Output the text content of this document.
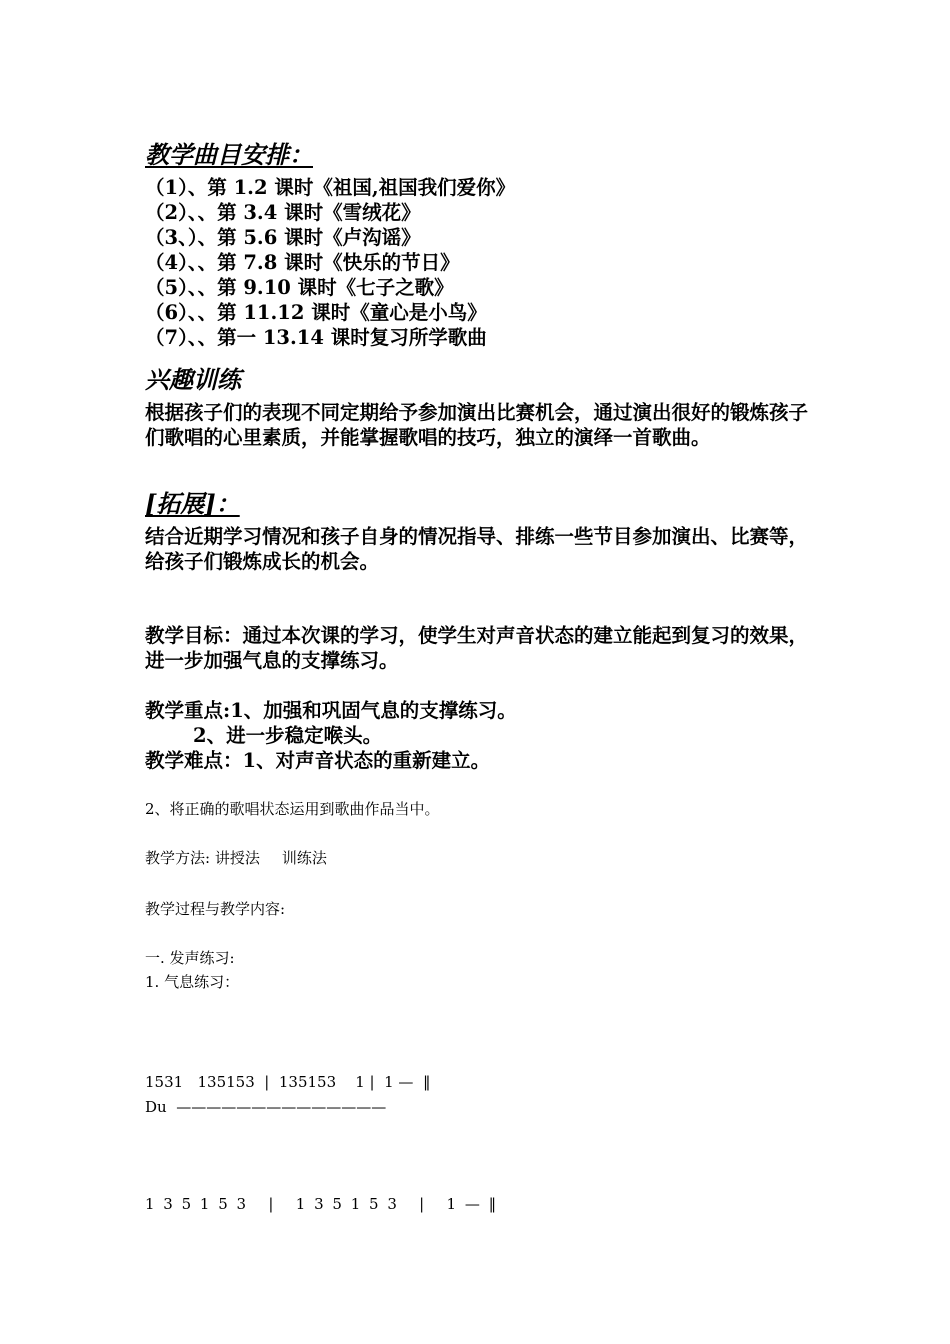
教学曲目安排：
（1）、第 1.2 课时《祖国,祖国我们爱你》
（2）、、第 3.4 课时《雪绒花》
（3、）、第 5.6 课时《卢沟谣》
（4）、、第 7.8 课时《快乐的节日》
（5）、、第 9.10 课时《七子之歌》
（6）、、第 11.12 课时《童心是小鸟》
（7）、、第一 13.14 课时复习所学歌曲
兴趣训练
根据孩子们的表现不同定期给予参加演出比赛机会，通过演出很好的锻炼孩子们歌唱的心里素质，并能掌握歌唱的技巧，独立的演绎一首歌曲。
[拓展]：
结合近期学习情况和孩子自身的情况指导、排练一些节目参加演出、比赛等，给孩子们锻炼成长的机会。
教学目标：通过本次课的学习，使学生对声音状态的建立能起到复习的效果，进一步加强气息的支撑练习。
教学重点:1、加强和巩固气息的支撑练习。
2、进一步稳定喉头。
教学难点：1、对声音状态的重新建立。
2、将正确的歌唱状态运用到歌曲作品当中。
教学方法: 讲授法 训练法
教学过程与教学内容:
一. 发声练习:
1. 气息练习：
1531   135153  |  135153    1 |  1 —  ‖
Du  ——————————————
1 3 5 1 5 3   |   1 3 5 1 5 3   |   1 — ‖
